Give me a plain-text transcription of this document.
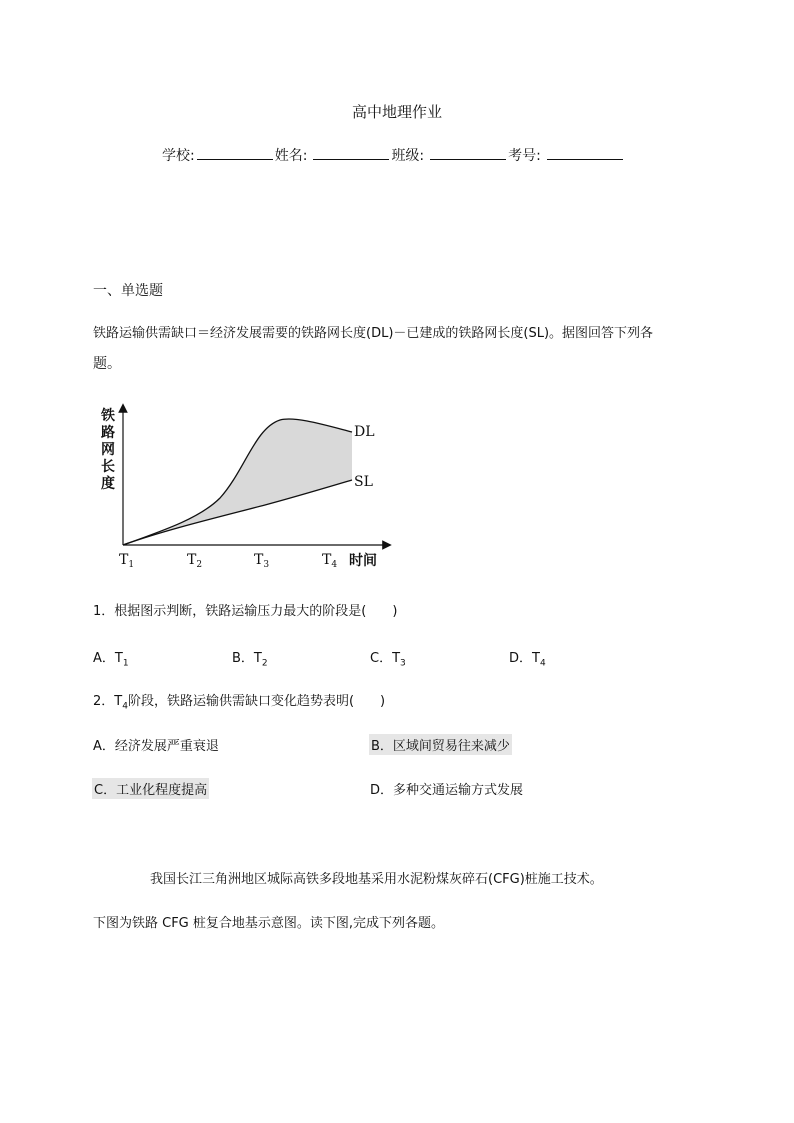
高中地理作业
学校:	姓名:	班级:	考号:
一、单选题
铁路运输供需缺口＝经济发展需要的铁路网长度(DL)－已建成的铁路网长度(SL)。据图回答下列各
题。
铁 路 网 长 度
DL
SL
$T_1$	$T_2$	$T_3$	$T_4$ 时间
1．根据图示判断，铁路运输压力最大的阶段是(　　)
A．$T_1$	B．$T_2$	C．$T_3$	D．$T_4$
2．$T_4$阶段，铁路运输供需缺口变化趋势表明(　　)
A．经济发展严重衰退	B．区域间贸易往来减少
C．工业化程度提高	D．多种交通运输方式发展
我国长江三角洲地区城际高铁多段地基采用水泥粉煤灰碎石(CFG)桩施工技术。
下图为铁路 CFG 桩复合地基示意图。读下图,完成下列各题。
